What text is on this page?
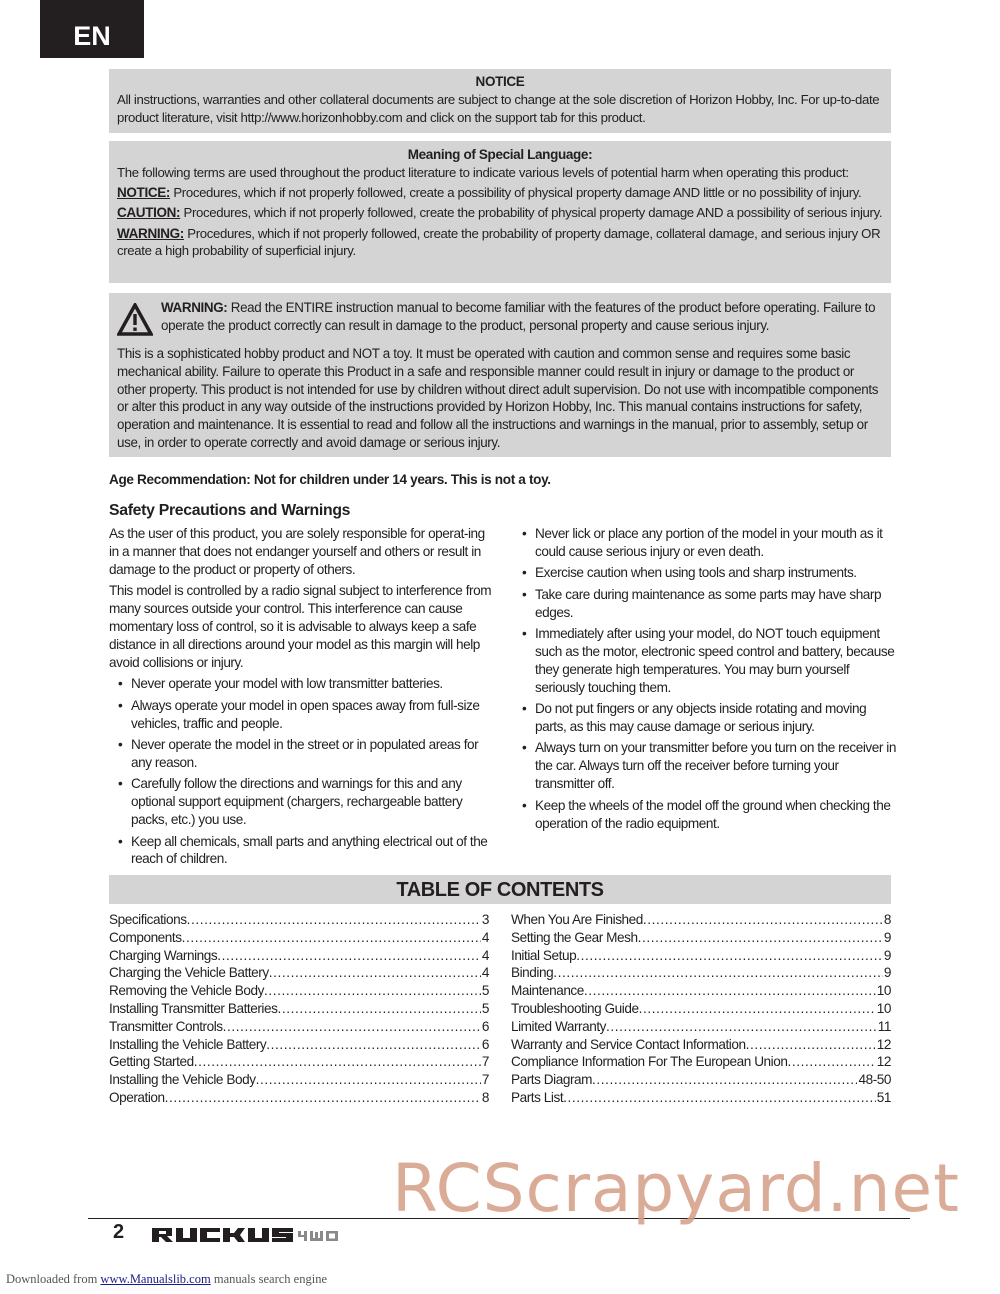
EN
NOTICE
All instructions, warranties and other collateral documents are subject to change at the sole discretion of Horizon Hobby, Inc. For up-to-date product literature, visit http://www.horizonhobby.com and click on the support tab for this product.
Meaning of Special Language:

The following terms are used throughout the product literature to indicate various levels of potential harm when operating this product:

NOTICE: Procedures, which if not properly followed, create a possibility of physical property damage AND little or no possibility of injury.

CAUTION: Procedures, which if not properly followed, create the probability of physical property damage AND a possibility of serious injury.

WARNING: Procedures, which if not properly followed, create the probability of property damage, collateral damage, and serious injury OR create a high probability of superficial injury.

WARNING: Read the ENTIRE instruction manual to become familiar with the features of the product before operating. Failure to operate the product correctly can result in damage to the product, personal property and cause serious injury.
This is a sophisticated hobby product and NOT a toy. It must be operated with caution and common sense and requires some basic mechanical ability. Failure to operate this Product in a safe and responsible manner could result in injury or damage to the product or other property. This product is not intended for use by children without direct adult supervision. Do not use with incompatible components or alter this product in any way outside of the instructions provided by Horizon Hobby, Inc. This manual contains instructions for safety, operation and maintenance. It is essential to read and follow all the instructions and warnings in the manual, prior to assembly, setup or use, in order to operate correctly and avoid damage or serious injury.
Age Recommendation: Not for children under 14 years. This is not a toy.
Safety Precautions and Warnings

As the user of this product, you are solely responsible for operat-ing in a manner that does not endanger yourself and others or result in damage to the product or property of others.

This model is controlled by a radio signal subject to interference from many sources outside your control. This interference can cause momentary loss of control, so it is advisable to always keep a safe distance in all directions around your model as this margin will help avoid collisions or injury.

• Never operate your model with low transmitter batteries.
• Always operate your model in open spaces away from full-size vehicles, traffic and people.
• Never operate the model in the street or in populated areas for any reason.
• Carefully follow the directions and warnings for this and any optional support equipment (chargers, rechargeable battery packs, etc.) you use.
• Keep all chemicals, small parts and anything electrical out of the reach of children.
• Never lick or place any portion of the model in your mouth as it could cause serious injury or even death.
• Exercise caution when using tools and sharp instruments.
• Take care during maintenance as some parts may have sharp edges.
• Immediately after using your model, do NOT touch equipment such as the motor, electronic speed control and battery, because they generate high temperatures. You may burn yourself seriously touching them.
• Do not put fingers or any objects inside rotating and moving parts, as this may cause damage or serious injury.
• Always turn on your transmitter before you turn on the receiver in the car. Always turn off the receiver before turning your transmitter off.
• Keep the wheels of the model off the ground when checking the operation of the radio equipment.
TABLE OF CONTENTS
Specifications .....	3
Components .....	4
Charging Warnings .....	4
Charging the Vehicle Battery .....	4
Removing the Vehicle Body .....	5
Installing Transmitter Batteries .....	5
Transmitter Controls .....	6
Installing the Vehicle Battery .....	6
Getting Started .....	7
Installing the Vehicle Body .....	7
Operation .....	8
When You Are Finished .....	8
Setting the Gear Mesh .....	9
Initial Setup .....	9
Binding .....	9
Maintenance .....	10
Troubleshooting Guide .....	10
Limited Warranty .....	11
Warranty and Service Contact Information .....	12
Compliance Information For The European Union .....	12
Parts Diagram .....	48-50
Parts List .....	51
RCScrapyard.net
2
Downloaded from www.Manualslib.com manuals search engine
